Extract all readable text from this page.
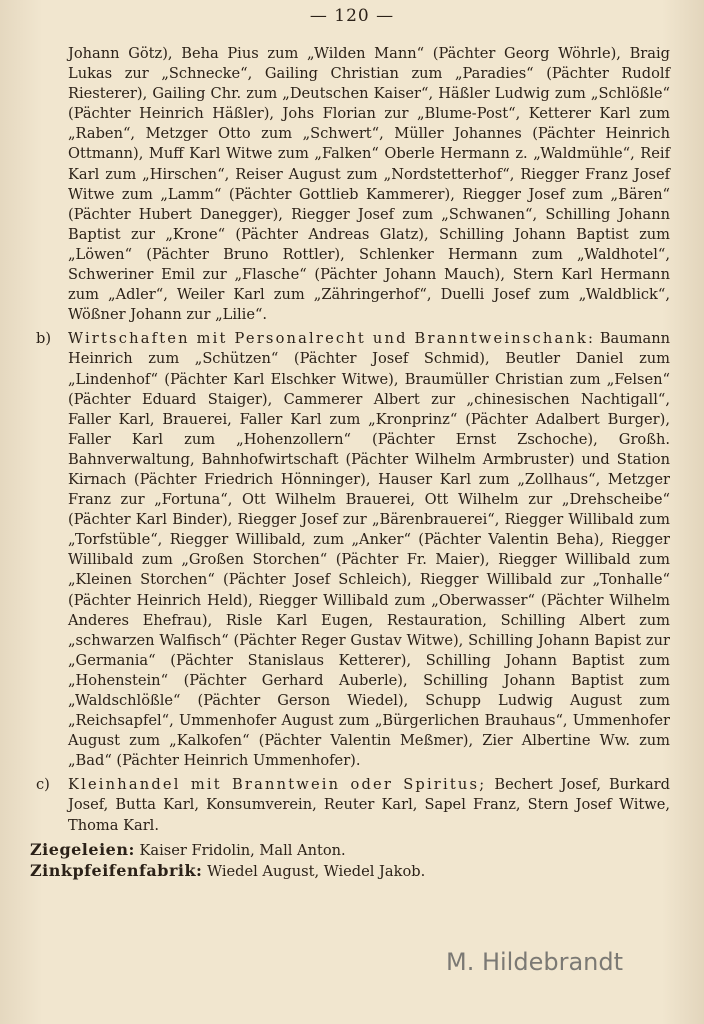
— 120 —

Johann Götz), Beha Pius zum „Wilden Mann“ (Pächter Georg Wöhrle), Braig Lukas zur „Schnecke“, Gailing Christian zum „Paradies“ (Pächter Rudolf Riesterer), Gailing Chr. zum „Deutschen Kaiser“, Häßler Ludwig zum „Schlößle“ (Pächter Heinrich Häßler), Johs Florian zur „Blume-Post“, Ketterer Karl zum „Raben“, Metzger Otto zum „Schwert“, Müller Johannes (Pächter Heinrich Ottmann), Muff Karl Witwe zum „Falken“ Oberle Hermann z. „Waldmühle“, Reif Karl zum „Hirschen“, Reiser August zum „Nordstetterhof“, Riegger Franz Josef Witwe zum „Lamm“ (Pächter Gottlieb Kammerer), Riegger Josef zum „Bären“ (Pächter Hubert Danegger), Riegger Josef zum „Schwanen“, Schilling Johann Baptist zur „Krone“ (Pächter Andreas Glatz), Schilling Johann Baptist zum „Löwen“ (Pächter Bruno Rottler), Schlenker Hermann zum „Waldhotel“, Schweriner Emil zur „Flasche“ (Pächter Johann Mauch), Stern Karl Hermann zum „Adler“, Weiler Karl zum „Zähringerhof“, Duelli Josef zum „Waldblick“, Wößner Johann zur „Lilie“.

b) Wirtschaften mit Personalrecht und Branntweinschank: Baumann Heinrich zum „Schützen“ (Pächter Josef Schmid), Beutler Daniel zum „Lindenhof“ (Pächter Karl Elschker Witwe), Braumüller Christian zum „Felsen“ (Pächter Eduard Staiger), Cammerer Albert zur „chinesischen Nachtigall“, Faller Karl, Brauerei, Faller Karl zum „Kronprinz“ (Pächter Adalbert Burger), Faller Karl zum „Hohenzollern“ (Pächter Ernst Zschoche), Großh. Bahnverwaltung, Bahnhofwirtschaft (Pächter Wilhelm Armbruster) und Station Kirnach (Pächter Friedrich Hönninger), Hauser Karl zum „Zollhaus“, Metzger Franz zur „Fortuna“, Ott Wilhelm Brauerei, Ott Wilhelm zur „Drehscheibe“ (Pächter Karl Binder), Riegger Josef zur „Bärenbrauerei“, Riegger Willibald zum „Torfstüble“, Riegger Willibald, zum „Anker“ (Pächter Valentin Beha), Riegger Willibald zum „Großen Storchen“ (Pächter Fr. Maier), Riegger Willibald zum „Kleinen Storchen“ (Pächter Josef Schleich), Riegger Willibald zur „Tonhalle“ (Pächter Heinrich Held), Riegger Willibald zum „Oberwasser“ (Pächter Wilhelm Anderes Ehefrau), Risle Karl Eugen, Restauration, Schilling Albert zum „schwarzen Walfisch“ (Pächter Reger Gustav Witwe), Schilling Johann Bapist zur „Germania“ (Pächter Stanislaus Ketterer), Schilling Johann Baptist zum „Hohenstein“ (Pächter Gerhard Auberle), Schilling Johann Baptist zum „Waldschlößle“ (Pächter Gerson Wiedel), Schupp Ludwig August zum „Reichsapfel“, Ummenhofer August zum „Bürgerlichen Brauhaus“, Ummenhofer August zum „Kalkofen“ (Pächter Valentin Meßmer), Zier Albertine Ww. zum „Bad“ (Pächter Heinrich Ummenhofer).
c) Kleinhandel mit Branntwein oder Spiritus; Bechert Josef, Burkard Josef, Butta Karl, Konsumverein, Reuter Karl, Sapel Franz, Stern Josef Witwe, Thoma Karl.
Ziegeleien: Kaiser Fridolin, Mall Anton.
Zinkpfeifenfabrik: Wiedel August, Wiedel Jakob.
M. Hildebrandt
